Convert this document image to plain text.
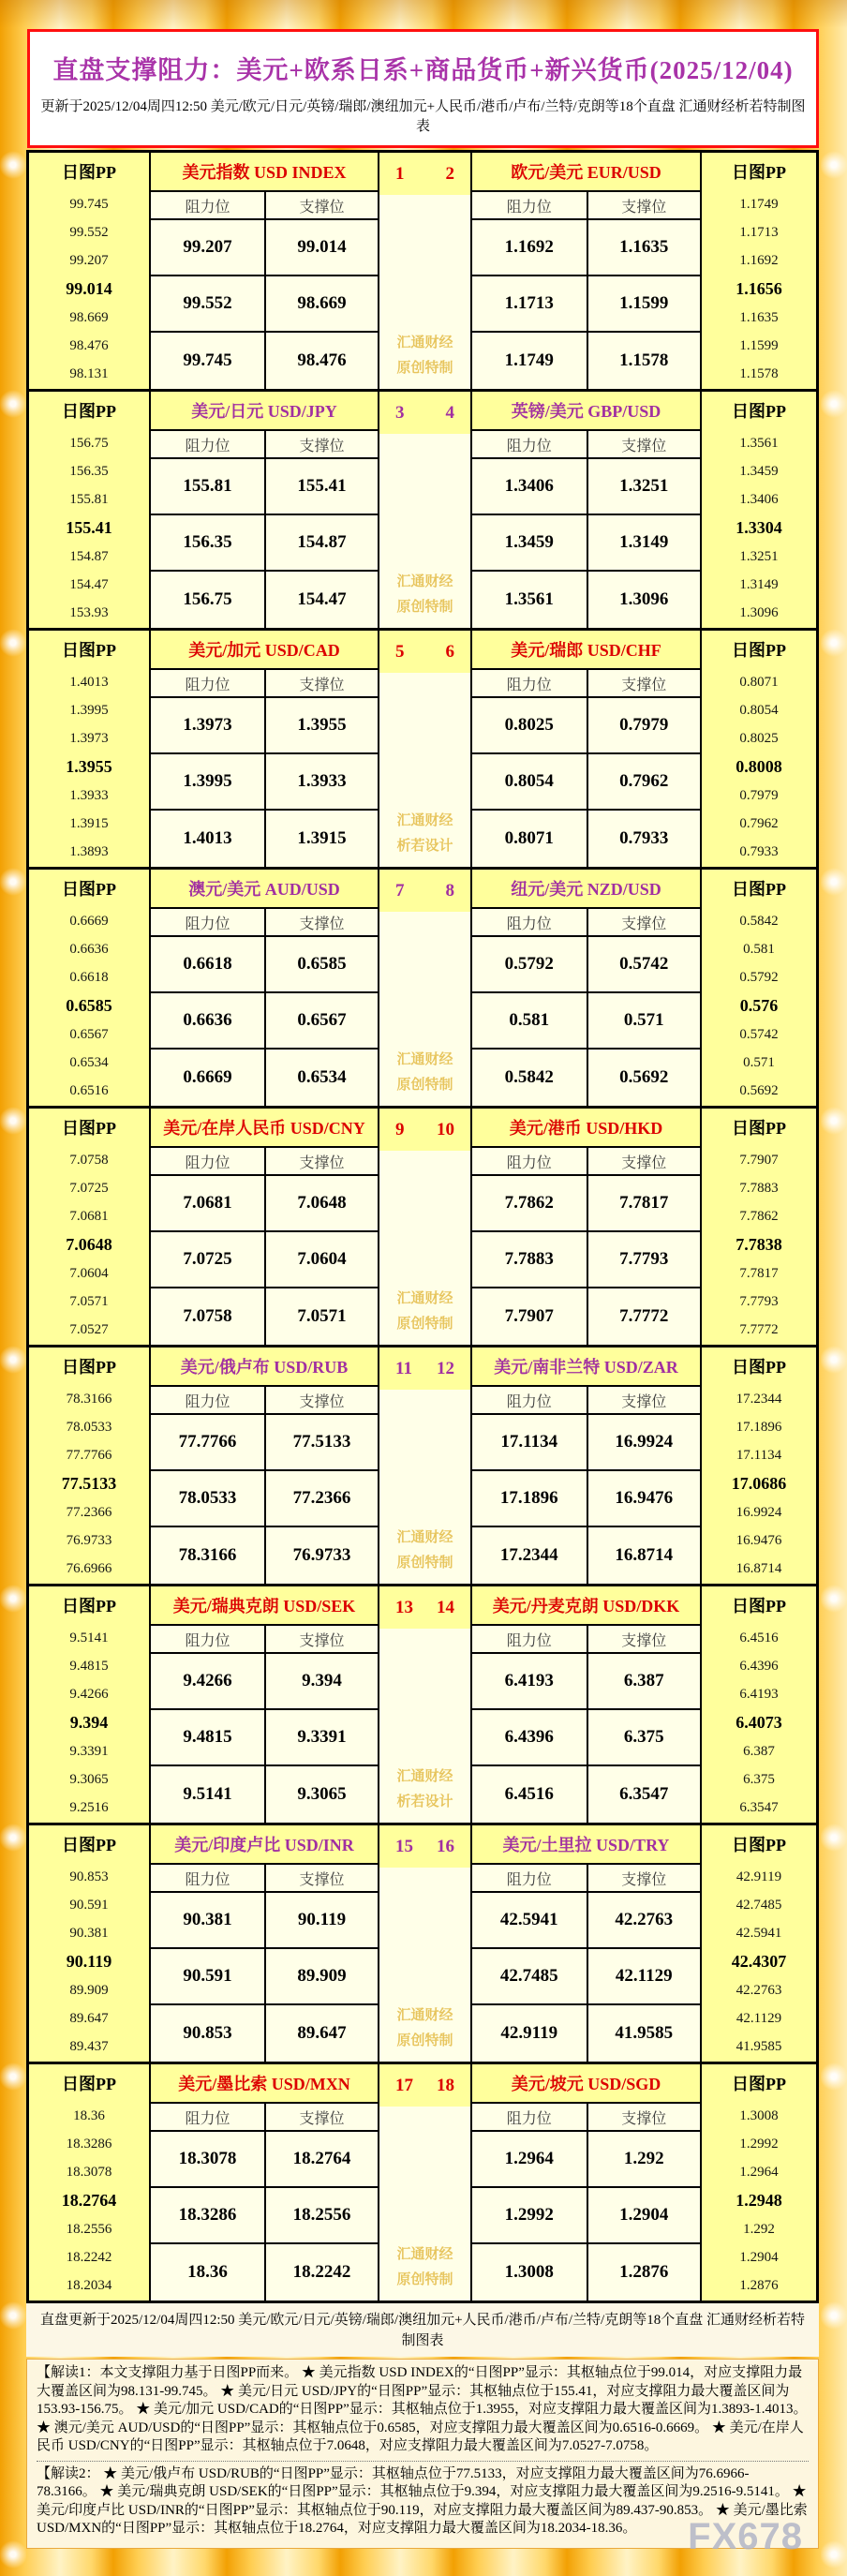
直盘支撑阻力：美元+欧系日系+商品货币+新兴货币(2025/12/04)
更新于2025/12/04周四12:50 美元/欧元/日元/英镑/瑞郎/澳纽加元+人民币/港币/卢布/兰特/克朗等18个直盘 汇通财经析若特制图表
日图PP
99.745
99.552
99.207
99.014
98.669
98.476
98.131
美元指数 USD INDEX
阻力位	支撑位
99.207	99.014
99.552	98.669
99.745	98.476
1 2
汇通财经
原创特制
欧元/美元 EUR/USD
阻力位	支撑位
1.1692	1.1635
1.1713	1.1599
1.1749	1.1578
日图PP
1.1749
1.1713
1.1692
1.1656
1.1635
1.1599
1.1578
日图PP
156.75
156.35
155.81
155.41
154.87
154.47
153.93
美元/日元 USD/JPY
阻力位	支撑位
155.81	155.41
156.35	154.87
156.75	154.47
3 4
汇通财经
原创特制
英镑/美元 GBP/USD
阻力位	支撑位
1.3406	1.3251
1.3459	1.3149
1.3561	1.3096
日图PP
1.3561
1.3459
1.3406
1.3304
1.3251
1.3149
1.3096
日图PP
1.4013
1.3995
1.3973
1.3955
1.3933
1.3915
1.3893
美元/加元 USD/CAD
阻力位	支撑位
1.3973	1.3955
1.3995	1.3933
1.4013	1.3915
5 6
汇通财经
析若设计
美元/瑞郎 USD/CHF
阻力位	支撑位
0.8025	0.7979
0.8054	0.7962
0.8071	0.7933
日图PP
0.8071
0.8054
0.8025
0.8008
0.7979
0.7962
0.7933
日图PP
0.6669
0.6636
0.6618
0.6585
0.6567
0.6534
0.6516
澳元/美元 AUD/USD
阻力位	支撑位
0.6618	0.6585
0.6636	0.6567
0.6669	0.6534
7 8
汇通财经
原创特制
纽元/美元 NZD/USD
阻力位	支撑位
0.5792	0.5742
0.581	0.571
0.5842	0.5692
日图PP
0.5842
0.581
0.5792
0.576
0.5742
0.571
0.5692
日图PP
7.0758
7.0725
7.0681
7.0648
7.0604
7.0571
7.0527
美元/在岸人民币 USD/CNY
阻力位	支撑位
7.0681	7.0648
7.0725	7.0604
7.0758	7.0571
9 10
汇通财经
原创特制
美元/港币 USD/HKD
阻力位	支撑位
7.7862	7.7817
7.7883	7.7793
7.7907	7.7772
日图PP
7.7907
7.7883
7.7862
7.7838
7.7817
7.7793
7.7772
日图PP
78.3166
78.0533
77.7766
77.5133
77.2366
76.9733
76.6966
美元/俄卢布 USD/RUB
阻力位	支撑位
77.7766	77.5133
78.0533	77.2366
78.3166	76.9733
11 12
汇通财经
原创特制
美元/南非兰特 USD/ZAR
阻力位	支撑位
17.1134	16.9924
17.1896	16.9476
17.2344	16.8714
日图PP
17.2344
17.1896
17.1134
17.0686
16.9924
16.9476
16.8714
日图PP
9.5141
9.4815
9.4266
9.394
9.3391
9.3065
9.2516
美元/瑞典克朗 USD/SEK
阻力位	支撑位
9.4266	9.394
9.4815	9.3391
9.5141	9.3065
13 14
汇通财经
析若设计
美元/丹麦克朗 USD/DKK
阻力位	支撑位
6.4193	6.387
6.4396	6.375
6.4516	6.3547
日图PP
6.4516
6.4396
6.4193
6.4073
6.387
6.375
6.3547
日图PP
90.853
90.591
90.381
90.119
89.909
89.647
89.437
美元/印度卢比 USD/INR
阻力位	支撑位
90.381	90.119
90.591	89.909
90.853	89.647
15 16
汇通财经
原创特制
美元/土里拉 USD/TRY
阻力位	支撑位
42.5941	42.2763
42.7485	42.1129
42.9119	41.9585
日图PP
42.9119
42.7485
42.5941
42.4307
42.2763
42.1129
41.9585
日图PP
18.36
18.3286
18.3078
18.2764
18.2556
18.2242
18.2034
美元/墨比索 USD/MXN
阻力位	支撑位
18.3078	18.2764
18.3286	18.2556
18.36	18.2242
17 18
汇通财经
原创特制
美元/坡元 USD/SGD
阻力位	支撑位
1.2964	1.292
1.2992	1.2904
1.3008	1.2876
日图PP
1.3008
1.2992
1.2964
1.2948
1.292
1.2904
1.2876
直盘更新于2025/12/04周四12:50 美元/欧元/日元/英镑/瑞郎/澳纽加元+人民币/港币/卢布/兰特/克朗等18个直盘 汇通财经析若特制图表

【解读1：本文支撑阻力基于日图PP而来。 ★ 美元指数 USD INDEX的“日图PP”显示：其枢轴点位于99.014，对应支撑阻力最大覆盖区间为98.131-99.745。 ★ 美元/日元 USD/JPY的“日图PP”显示：其枢轴点位于155.41，对应支撑阻力最大覆盖区间为153.93-156.75。 ★ 美元/加元 USD/CAD的“日图PP”显示：其枢轴点位于1.3955，对应支撑阻力最大覆盖区间为1.3893-1.4013。 ★ 澳元/美元 AUD/USD的“日图PP”显示：其枢轴点位于0.6585，对应支撑阻力最大覆盖区间为0.6516-0.6669。 ★ 美元/在岸人民币 USD/CNY的“日图PP”显示：其枢轴点位于7.0648，对应支撑阻力最大覆盖区间为7.0527-7.0758。

【解读2： ★ 美元/俄卢布 USD/RUB的“日图PP”显示：其枢轴点位于77.5133，对应支撑阻力最大覆盖区间为76.6966-78.3166。 ★ 美元/瑞典克朗 USD/SEK的“日图PP”显示：其枢轴点位于9.394，对应支撑阻力最大覆盖区间为9.2516-9.5141。 ★ 美元/印度卢比 USD/INR的“日图PP”显示：其枢轴点位于90.119，对应支撑阻力最大覆盖区间为89.437-90.853。 ★ 美元/墨比索 USD/MXN的“日图PP”显示：其枢轴点位于18.2764，对应支撑阻力最大覆盖区间为18.2034-18.36。	FX678
